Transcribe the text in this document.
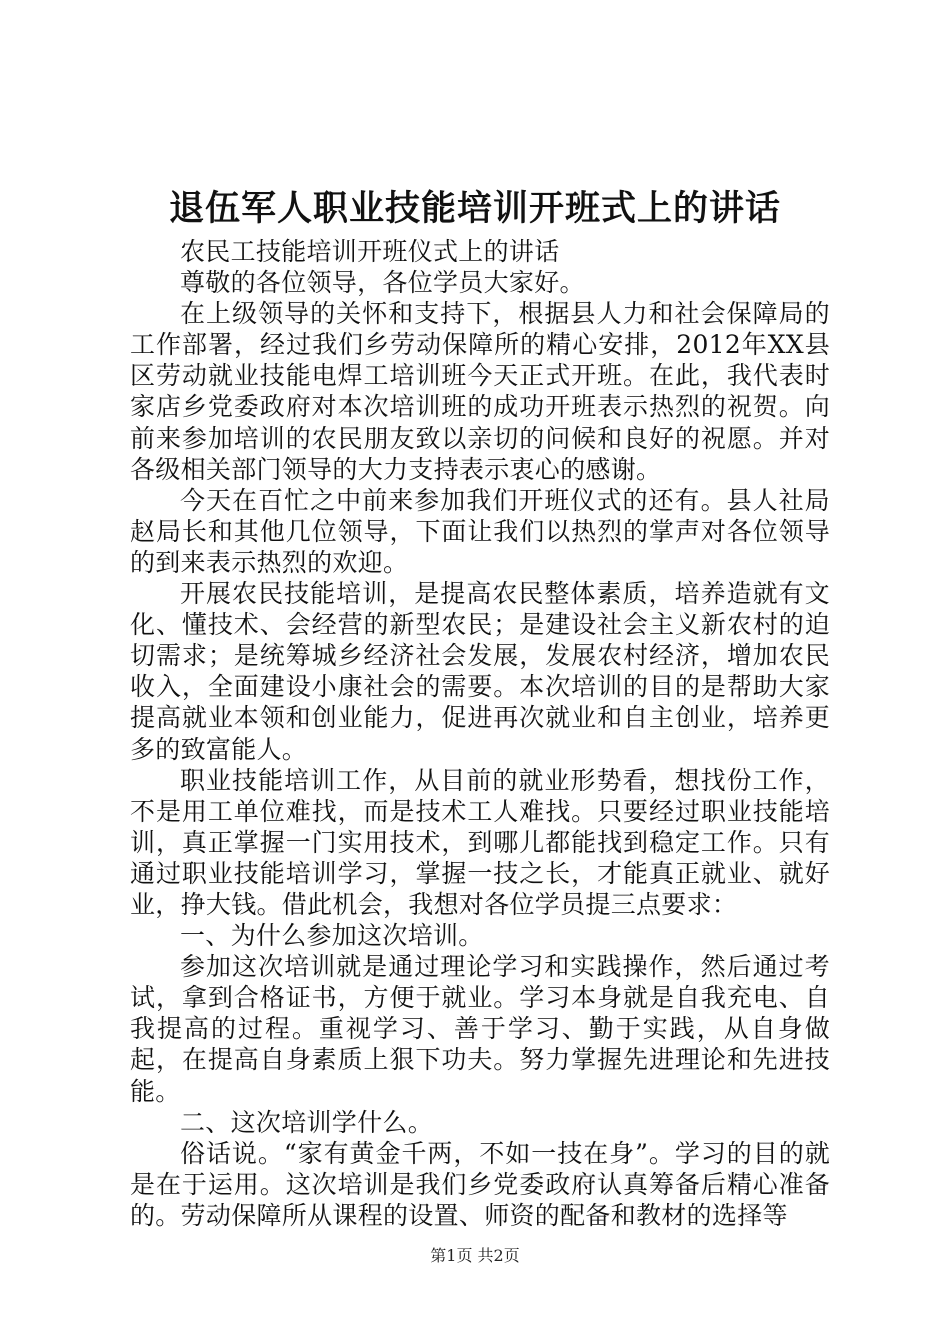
退伍军人职业技能培训开班式上的讲话

农民工技能培训开班仪式上的讲话

尊敬的各位领导，各位学员大家好。

在上级领导的关怀和支持下，根据县人力和社会保障局的工作部署，经过我们乡劳动保障所的精心安排，2012年XX县区劳动就业技能电焊工培训班今天正式开班。在此，我代表时家店乡党委政府对本次培训班的成功开班表示热烈的祝贺。向前来参加培训的农民朋友致以亲切的问候和良好的祝愿。并对各级相关部门领导的大力支持表示衷心的感谢。

今天在百忙之中前来参加我们开班仪式的还有。县人社局赵局长和其他几位领导，下面让我们以热烈的掌声对各位领导的到来表示热烈的欢迎。

开展农民技能培训，是提高农民整体素质，培养造就有文化、懂技术、会经营的新型农民；是建设社会主义新农村的迫切需求；是统筹城乡经济社会发展，发展农村经济，增加农民收入，全面建设小康社会的需要。本次培训的目的是帮助大家提高就业本领和创业能力，促进再次就业和自主创业，培养更多的致富能人。

职业技能培训工作，从目前的就业形势看，想找份工作，不是用工单位难找，而是技术工人难找。只要经过职业技能培训，真正掌握一门实用技术，到哪儿都能找到稳定工作。只有通过职业技能培训学习，掌握一技之长，才能真正就业、就好业，挣大钱。借此机会，我想对各位学员提三点要求：

一、为什么参加这次培训。

参加这次培训就是通过理论学习和实践操作，然后通过考试，拿到合格证书，方便于就业。学习本身就是自我充电、自我提高的过程。重视学习、善于学习、勤于实践，从自身做起，在提高自身素质上狠下功夫。努力掌握先进理论和先进技能。

二、这次培训学什么。

俗话说。“家有黄金千两，不如一技在身”。学习的目的就是在于运用。这次培训是我们乡党委政府认真筹备后精心准备的。劳动保障所从课程的设置、师资的配备和教材的选择等

第1页 共2页
